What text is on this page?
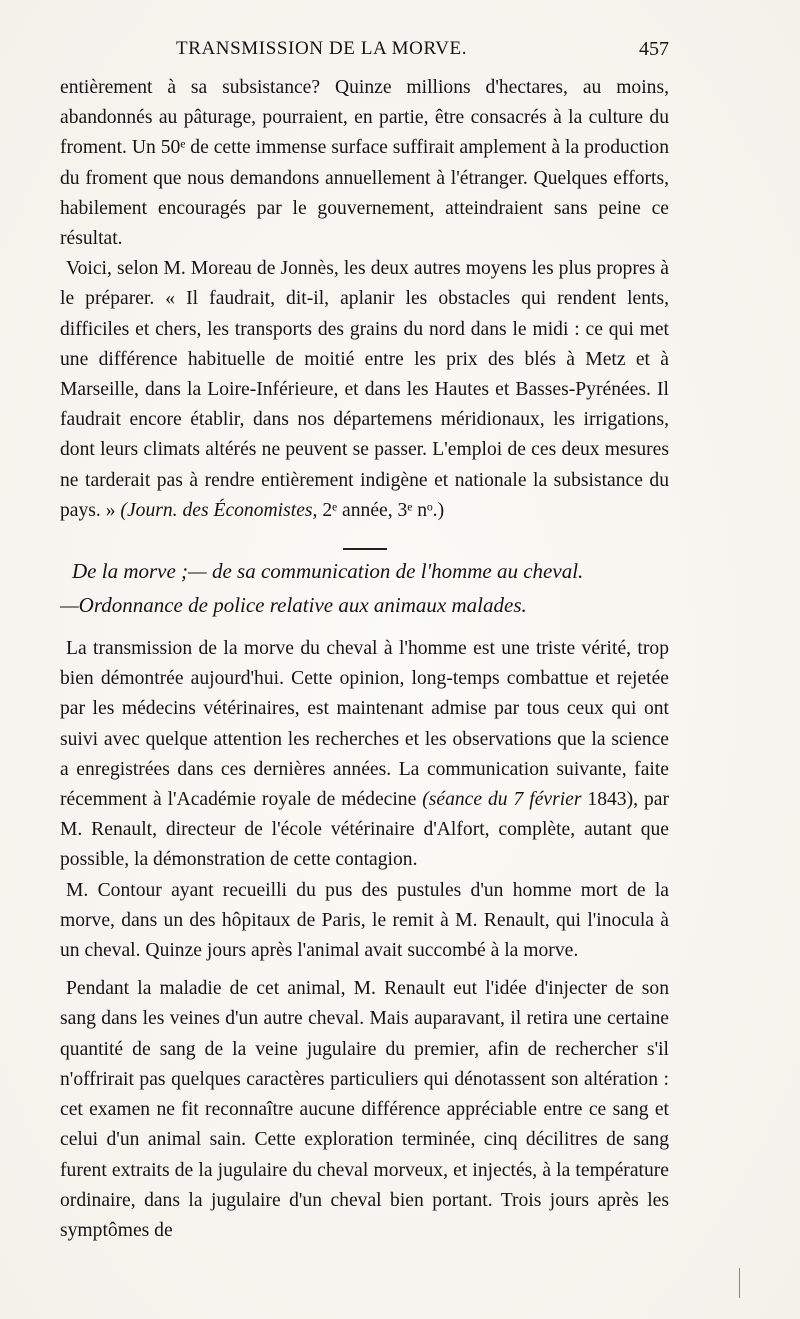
TRANSMISSION DE LA MORVE.	457

entièrement à sa subsistance? Quinze millions d'hectares, au moins, abandonnés au pâturage, pourraient, en partie, être consacrés à la culture du froment. Un 50ᵉ de cette immense surface suffirait amplement à la production du froment que nous demandons annuellement à l'étranger. Quelques efforts, habilement encouragés par le gouvernement, atteindraient sans peine ce résultat.

Voici, selon M. Moreau de Jonnès, les deux autres moyens les plus propres à le préparer. « Il faudrait, dit-il, aplanir les obstacles qui rendent lents, difficiles et chers, les transports des grains du nord dans le midi : ce qui met une différence habituelle de moitié entre les prix des blés à Metz et à Marseille, dans la Loire-Inférieure, et dans les Hautes et Basses-Pyrénées. Il faudrait encore établir, dans nos départemens méridionaux, les irrigations, dont leurs climats altérés ne peuvent se passer. L'emploi de ces deux mesures ne tarderait pas à rendre entièrement indigène et nationale la subsistance du pays. » (Journ. des Économistes, 2ᵉ année, 3ᵉ nᵒ.)

De la morve ;— de sa communication de l'homme au cheval.
—Ordonnance de police relative aux animaux malades.

La transmission de la morve du cheval à l'homme est une triste vérité, trop bien démontrée aujourd'hui. Cette opinion, long-temps combattue et rejetée par les médecins vétérinaires, est maintenant admise par tous ceux qui ont suivi avec quelque attention les recherches et les observations que la science a enregistrées dans ces dernières années. La communication suivante, faite récemment à l'Académie royale de médecine (séance du 7 février 1843), par M. Renault, directeur de l'école vétérinaire d'Alfort, complète, autant que possible, la démonstration de cette contagion.

M. Contour ayant recueilli du pus des pustules d'un homme mort de la morve, dans un des hôpitaux de Paris, le remit à M. Renault, qui l'inocula à un cheval. Quinze jours après l'animal avait succombé à la morve.

Pendant la maladie de cet animal, M. Renault eut l'idée d'injecter de son sang dans les veines d'un autre cheval. Mais auparavant, il retira une certaine quantité de sang de la veine jugulaire du premier, afin de rechercher s'il n'offrirait pas quelques caractères particuliers qui dénotassent son altération : cet examen ne fit reconnaître aucune différence appréciable entre ce sang et celui d'un animal sain. Cette exploration terminée, cinq décilitres de sang furent extraits de la jugulaire du cheval morveux, et injectés, à la température ordinaire, dans la jugulaire d'un cheval bien portant. Trois jours après les symptômes de
